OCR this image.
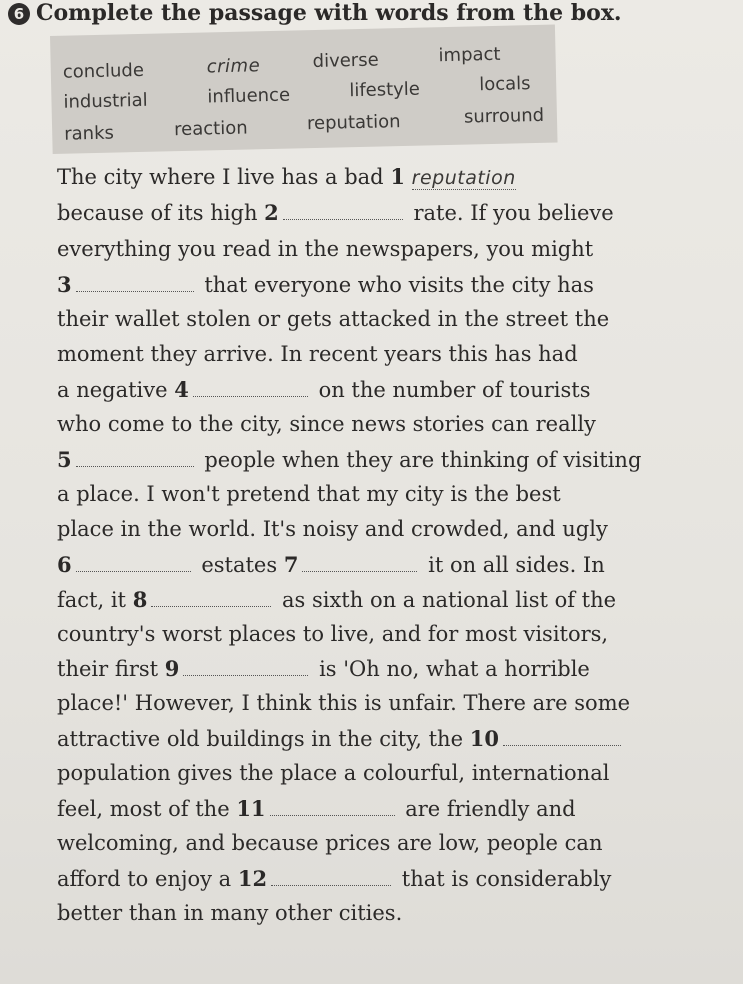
6 Complete the passage with words from the box.
conclude	crime	diverse	impact
industrial	influence	lifestyle	locals
ranks	reaction	reputation	surround
The city where I live has a bad 1 reputation
because of its high 2	rate. If you believe
everything you read in the newspapers, you might
3	that everyone who visits the city has
their wallet stolen or gets attacked in the street the
moment they arrive. In recent years this has had
a negative 4	on the number of tourists
who come to the city, since news stories can really
5	people when they are thinking of visiting
a place. I won't pretend that my city is the best
place in the world. It's noisy and crowded, and ugly
6	estates 7	it on all sides. In
fact, it 8	as sixth on a national list of the
country's worst places to live, and for most visitors,
their first 9	is 'Oh no, what a horrible
place!' However, I think this is unfair. There are some
attractive old buildings in the city, the 10
population gives the place a colourful, international
feel, most of the 11	are friendly and
welcoming, and because prices are low, people can
afford to enjoy a 12	that is considerably
better than in many other cities.
